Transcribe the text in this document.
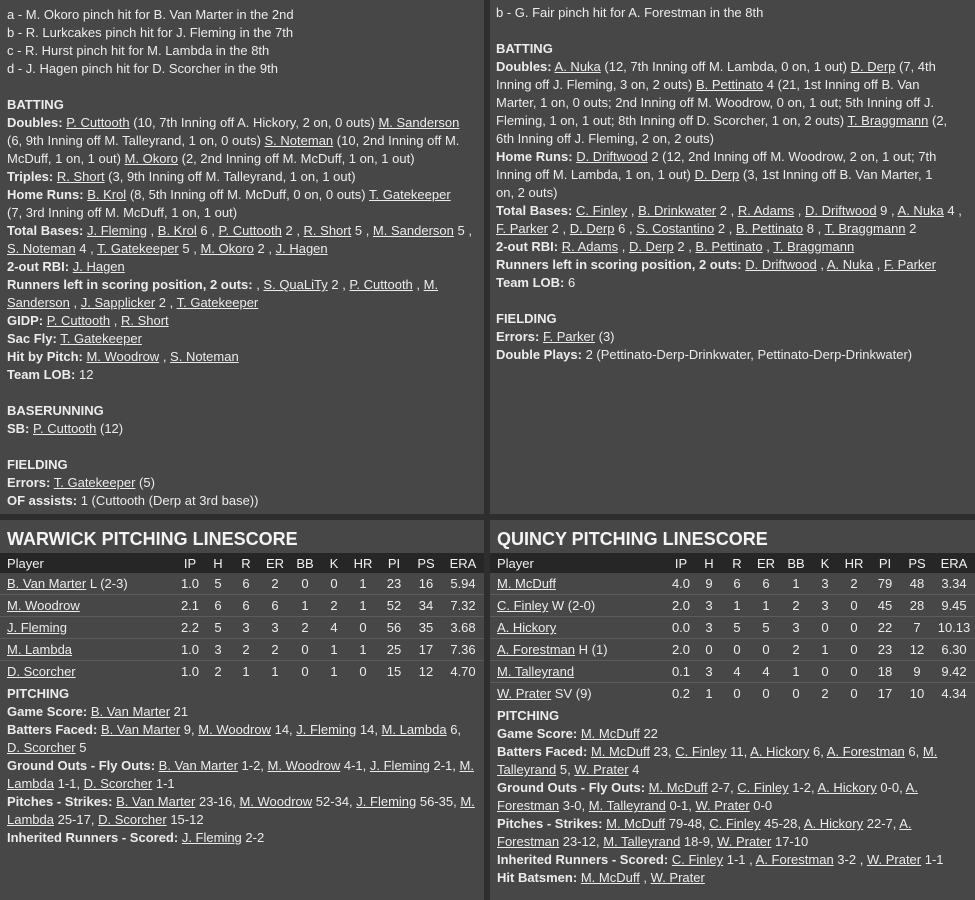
a - M. Okoro pinch hit for B. Van Marter in the 2nd
b - R. Lurkcakes pinch hit for J. Fleming in the 7th
c - R. Hurst pinch hit for M. Lambda in the 8th
d - J. Hagen pinch hit for D. Scorcher in the 9th
BATTING
Doubles: P. Cuttooth (10, 7th Inning off A. Hickory, 2 on, 0 outs) M. Sanderson
(6, 9th Inning off M. Talleyrand, 1 on, 0 outs) S. Noteman (10, 2nd Inning off M.
McDuff, 1 on, 1 out) M. Okoro (2, 2nd Inning off M. McDuff, 1 on, 1 out)
Triples: R. Short (3, 9th Inning off M. Talleyrand, 1 on, 1 out)
Home Runs: B. Krol (8, 5th Inning off M. McDuff, 0 on, 0 outs) T. Gatekeeper
(7, 3rd Inning off M. McDuff, 1 on, 1 out)
Total Bases: J. Fleming , B. Krol 6 , P. Cuttooth 2 , R. Short 5 , M. Sanderson 5 ,
S. Noteman 4 , T. Gatekeeper 5 , M. Okoro 2 , J. Hagen
2-out RBI: J. Hagen
Runners left in scoring position, 2 outs: , S. QuaLiTy 2 , P. Cuttooth , M.
Sanderson , J. Sapplicker 2 , T. Gatekeeper
GIDP: P. Cuttooth , R. Short
Sac Fly: T. Gatekeeper
Hit by Pitch: M. Woodrow , S. Noteman
Team LOB: 12
BASERUNNING
SB: P. Cuttooth (12)
FIELDING
Errors: T. Gatekeeper (5)
OF assists: 1 (Cuttooth (Derp at 3rd base))
b - G. Fair pinch hit for A. Forestman in the 8th
BATTING
Doubles: A. Nuka (12, 7th Inning off M. Lambda, 0 on, 1 out) D. Derp (7, 4th
Inning off J. Fleming, 3 on, 2 outs) B. Pettinato 4 (21, 1st Inning off B. Van
Marter, 1 on, 0 outs; 2nd Inning off M. Woodrow, 0 on, 1 out; 5th Inning off J.
Fleming, 1 on, 1 out; 8th Inning off D. Scorcher, 1 on, 2 outs) T. Braggmann (2,
6th Inning off J. Fleming, 2 on, 2 outs)
Home Runs: D. Driftwood 2 (12, 2nd Inning off M. Woodrow, 2 on, 1 out; 7th
Inning off M. Lambda, 1 on, 1 out) D. Derp (3, 1st Inning off B. Van Marter, 1
on, 2 outs)
Total Bases: C. Finley , B. Drinkwater 2 , R. Adams , D. Driftwood 9 , A. Nuka 4 ,
F. Parker 2 , D. Derp 6 , S. Costantino 2 , B. Pettinato 8 , T. Braggmann 2
2-out RBI: R. Adams , D. Derp 2 , B. Pettinato , T. Braggmann
Runners left in scoring position, 2 outs: D. Driftwood , A. Nuka , F. Parker
Team LOB: 6
FIELDING
Errors: F. Parker (3)
Double Plays: 2 (Pettinato-Derp-Drinkwater, Pettinato-Derp-Drinkwater)
WARWICK PITCHING LINESCORE
Player	IP	H	R	ER	BB	K	HR	PI	PS	ERA
B. Van Marter L (2-3)	1.0	5	6	2	0	0	1	23	16	5.94
M. Woodrow	2.1	6	6	6	1	2	1	52	34	7.32
J. Fleming	2.2	5	3	3	2	4	0	56	35	3.68
M. Lambda	1.0	3	2	2	0	1	1	25	17	7.36
D. Scorcher	1.0	2	1	1	0	1	0	15	12	4.70
PITCHING
Game Score: B. Van Marter 21
Batters Faced: B. Van Marter 9, M. Woodrow 14, J. Fleming 14, M. Lambda 6,
D. Scorcher 5
Ground Outs - Fly Outs: B. Van Marter 1-2, M. Woodrow 4-1, J. Fleming 2-1, M.
Lambda 1-1, D. Scorcher 1-1
Pitches - Strikes: B. Van Marter 23-16, M. Woodrow 52-34, J. Fleming 56-35, M.
Lambda 25-17, D. Scorcher 15-12
Inherited Runners - Scored: J. Fleming 2-2
QUINCY PITCHING LINESCORE
Player	IP	H	R	ER	BB	K	HR	PI	PS	ERA
M. McDuff	4.0	9	6	6	1	3	2	79	48	3.34
C. Finley W (2-0)	2.0	3	1	1	2	3	0	45	28	9.45
A. Hickory	0.0	3	5	5	3	0	0	22	7	10.13
A. Forestman H (1)	2.0	0	0	0	2	1	0	23	12	6.30
M. Talleyrand	0.1	3	4	4	1	0	0	18	9	9.42
W. Prater SV (9)	0.2	1	0	0	0	2	0	17	10	4.34
PITCHING
Game Score: M. McDuff 22
Batters Faced: M. McDuff 23, C. Finley 11, A. Hickory 6, A. Forestman 6, M.
Talleyrand 5, W. Prater 4
Ground Outs - Fly Outs: M. McDuff 2-7, C. Finley 1-2, A. Hickory 0-0, A.
Forestman 3-0, M. Talleyrand 0-1, W. Prater 0-0
Pitches - Strikes: M. McDuff 79-48, C. Finley 45-28, A. Hickory 22-7, A.
Forestman 23-12, M. Talleyrand 18-9, W. Prater 17-10
Inherited Runners - Scored: C. Finley 1-1 , A. Forestman 3-2 , W. Prater 1-1
Hit Batsmen: M. McDuff , W. Prater
